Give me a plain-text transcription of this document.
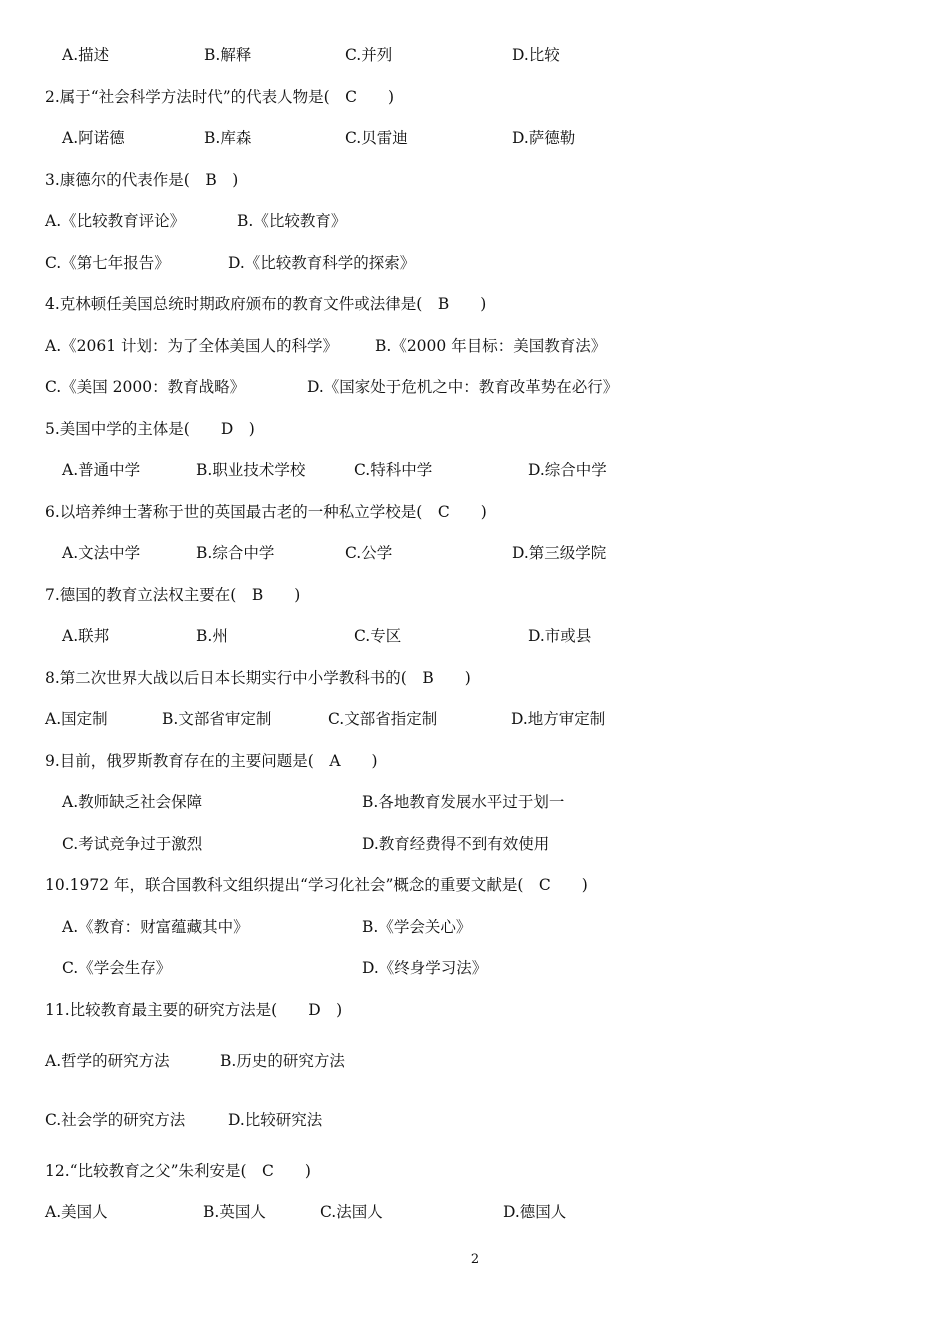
A.描述	B.解释	C.并列	D.比较
2.属于“社会科学方法时代”的代表人物是(　C　　)
A.阿诺德	B.库森	C.贝雷迪	D.萨德勒
3.康德尔的代表作是(　B　)
A.《比较教育评论》	B.《比较教育》
C.《第七年报告》	D.《比较教育科学的探索》
4.克林顿任美国总统时期政府颁布的教育文件或法律是(　B　　)
A.《2061 计划：为了全体美国人的科学》 B.《2000 年目标：美国教育法》
C.《美国 2000：教育战略》	D.《国家处于危机之中：教育改革势在必行》
5.美国中学的主体是(　　D　)
A.普通中学	B.职业技术学校	C.特科中学	D.综合中学
6.以培养绅士著称于世的英国最古老的一种私立学校是(　C　　)
A.文法中学	B.综合中学	C.公学	D.第三级学院
7.德国的教育立法权主要在(　B　　)
A.联邦	B.州	C.专区	D.市或县
8.第二次世界大战以后日本长期实行中小学教科书的(　B　　)
A.国定制	B.文部省审定制	C.文部省指定制	D.地方审定制
9.目前，俄罗斯教育存在的主要问题是(　A　　)
A.教师缺乏社会保障	B.各地教育发展水平过于划一
C.考试竞争过于激烈	D.教育经费得不到有效使用
10.1972 年，联合国教科文组织提出“学习化社会”概念的重要文献是(　C　　)
A.《教育：财富蕴藏其中》	B.《学会关心》
C.《学会生存》	D.《终身学习法》
11.比较教育最主要的研究方法是(　　D　)
A.哲学的研究方法	B.历史的研究方法
C.社会学的研究方法	D.比较研究法
12.“比较教育之父”朱利安是(　C　　)
A.美国人	B.英国人	C.法国人	D.德国人
2
